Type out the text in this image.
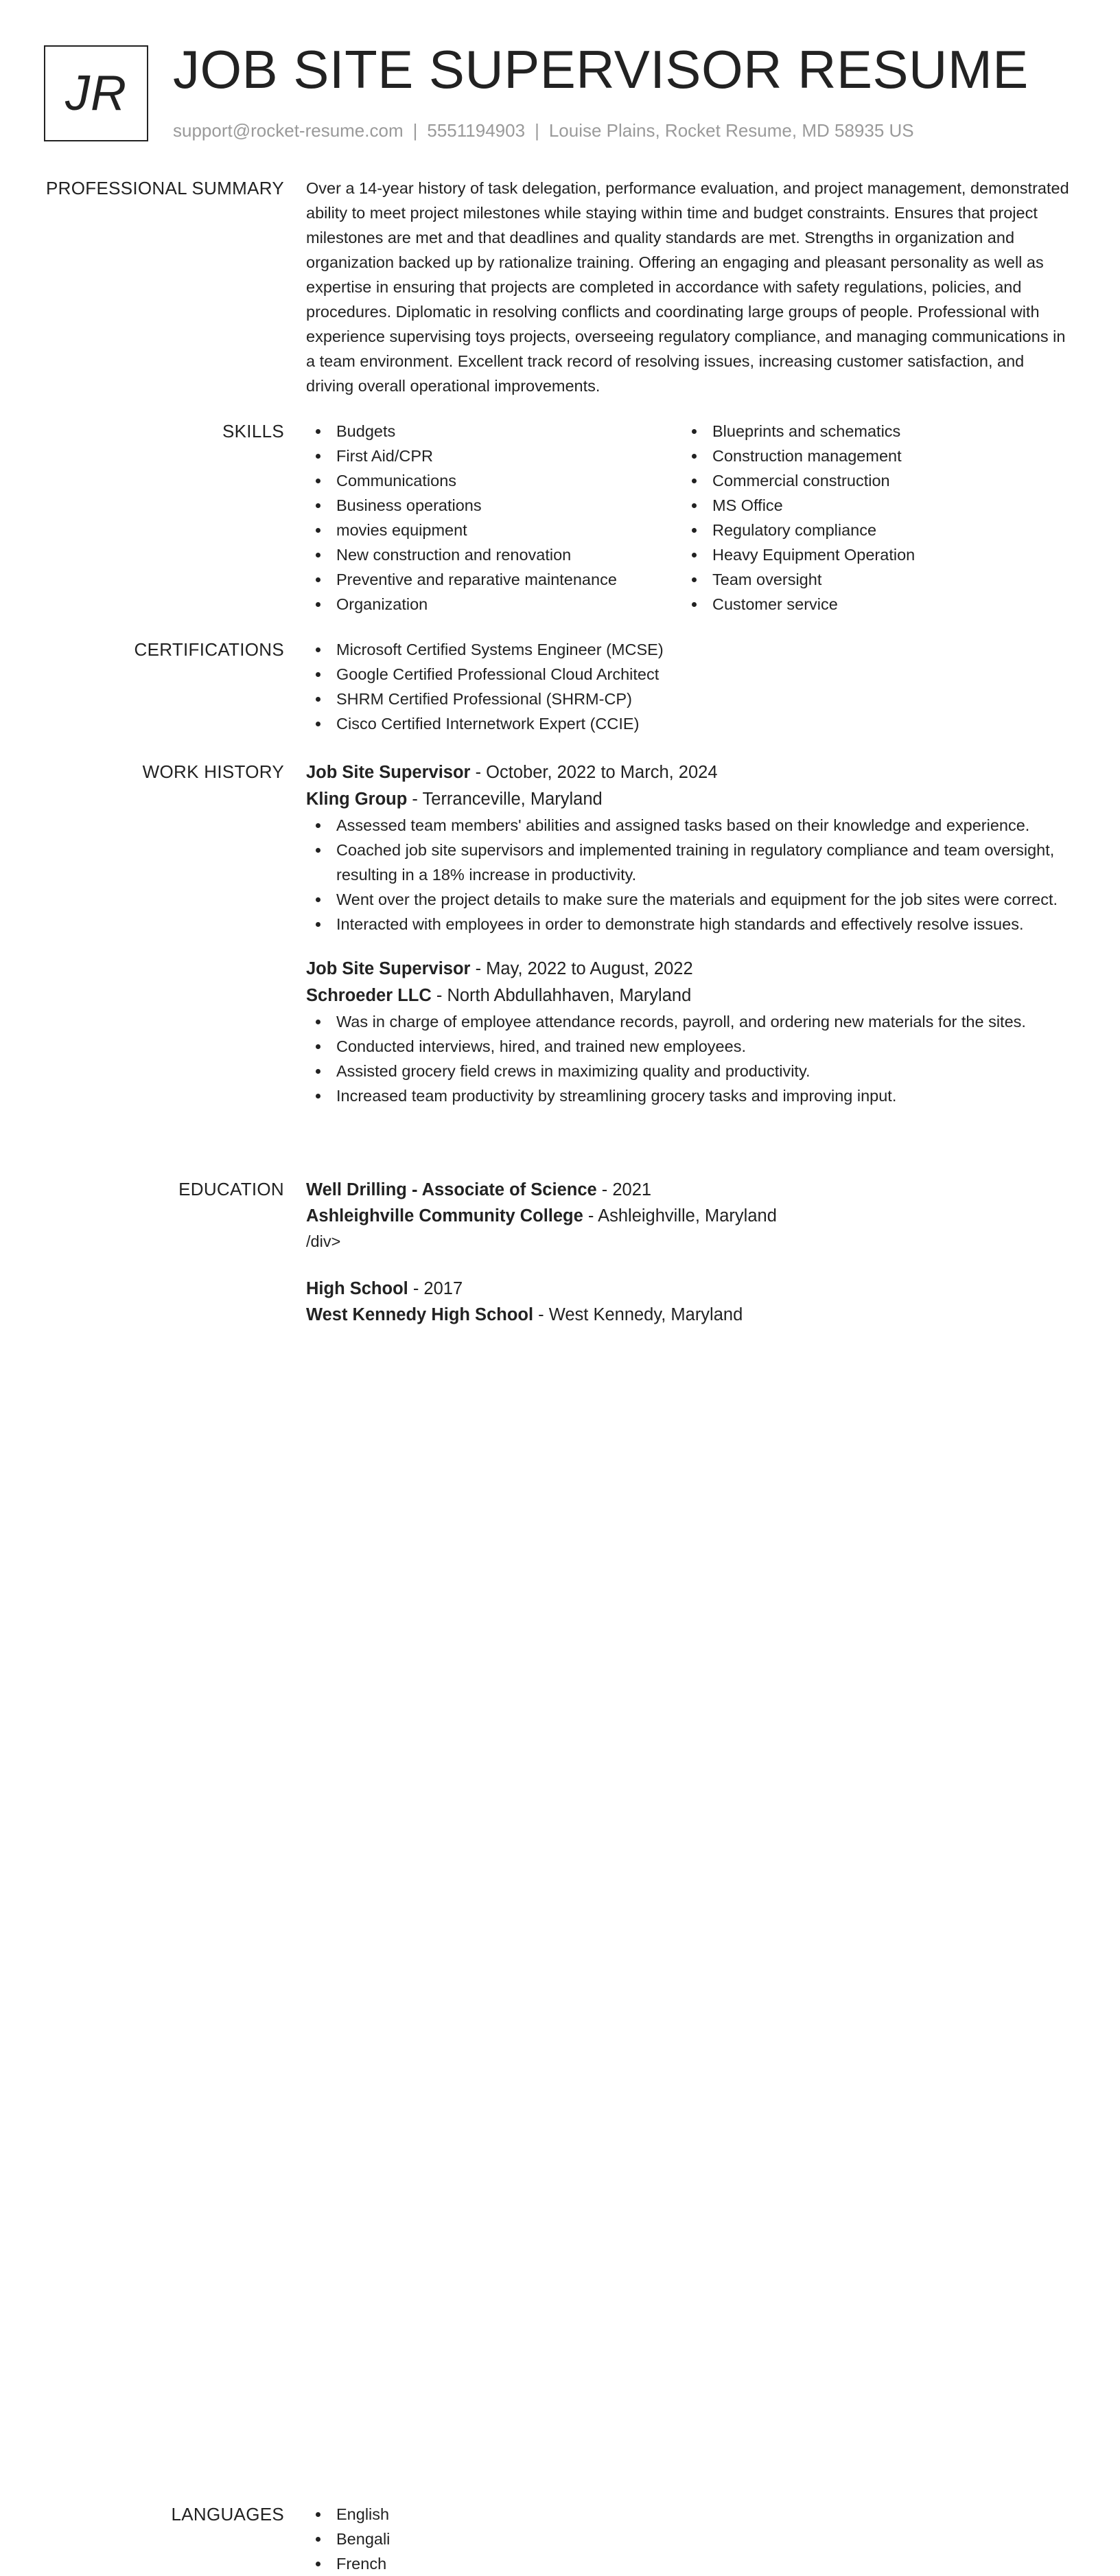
JR JOB SITE SUPERVISOR RESUME
support@rocket-resume.com | 5551194903 | Louise Plains, Rocket Resume, MD 58935 US
PROFESSIONAL SUMMARY Over a 14-year history of task delegation, performance evaluation, and project management, demonstrated ability to meet project milestones while staying within time and budget constraints. Ensures that project milestones are met and that deadlines and quality standards are met. Strengths in organization and organization backed up by rationalize training. Offering an engaging and pleasant personality as well as expertise in ensuring that projects are completed in accordance with safety regulations, policies, and procedures. Diplomatic in resolving conflicts and coordinating large groups of people. Professional with experience supervising toys projects, overseeing regulatory compliance, and managing communications in a team environment. Excellent track record of resolving issues, increasing customer satisfaction, and driving overall operational improvements.

SKILLS	Budgets
First Aid/CPR
Communications
Business operations
movies equipment
New construction and renovation
Preventive and reparative maintenance
Organization
Blueprints and schematics
Construction management
Commercial construction
MS Office
Regulatory compliance
Heavy Equipment Operation
Team oversight
Customer service
CERTIFICATIONS	Microsoft Certified Systems Engineer (MCSE)
Google Certified Professional Cloud Architect
SHRM Certified Professional (SHRM-CP)
Cisco Certified Internetwork Expert (CCIE)
WORK HISTORY Job Site Supervisor - October, 2022 to March, 2024
Kling Group - Terranceville, Maryland
Assessed team members' abilities and assigned tasks based on their knowledge and experience.
Coached job site supervisors and implemented training in regulatory compliance and team oversight, resulting in a 18% increase in productivity.
Went over the project details to make sure the materials and equipment for the job sites were correct.
Interacted with employees in order to demonstrate high standards and effectively resolve issues.
Job Site Supervisor - May, 2022 to August, 2022
Schroeder LLC - North Abdullahhaven, Maryland
Was in charge of employee attendance records, payroll, and ordering new materials for the sites.
Conducted interviews, hired, and trained new employees.
Assisted grocery field crews in maximizing quality and productivity.
Increased team productivity by streamlining grocery tasks and improving input.
EDUCATION Well Drilling - Associate of Science - 2021
Ashleighville Community College - Ashleighville, Maryland
/div>
High School - 2017
West Kennedy High School - West Kennedy, Maryland
LANGUAGES	English
Bengali
French
